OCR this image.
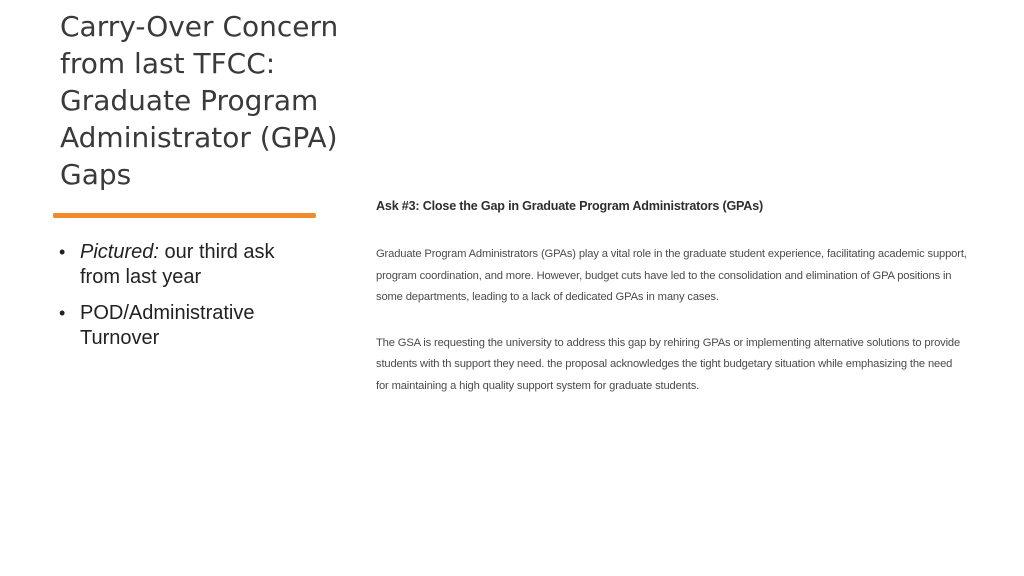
Carry-Over Concern from last TFCC: Graduate Program Administrator (GPA) Gaps
• Pictured: our third ask from last year
• POD/Administrative Turnover

Ask #3: Close the Gap in Graduate Program Administrators (GPAs)

Graduate Program Administrators (GPAs) play a vital role in the graduate student experience, facilitating academic support,

program coordination, and more. However, budget cuts have led to the consolidation and elimination of GPA positions in

some departments, leading to a lack of dedicated GPAs in many cases.

The GSA is requesting the university to address this gap by rehiring GPAs or implementing alternative solutions to provide

students with th support they need. the proposal acknowledges the tight budgetary situation while emphasizing the need

for maintaining a high quality support system for graduate students.
